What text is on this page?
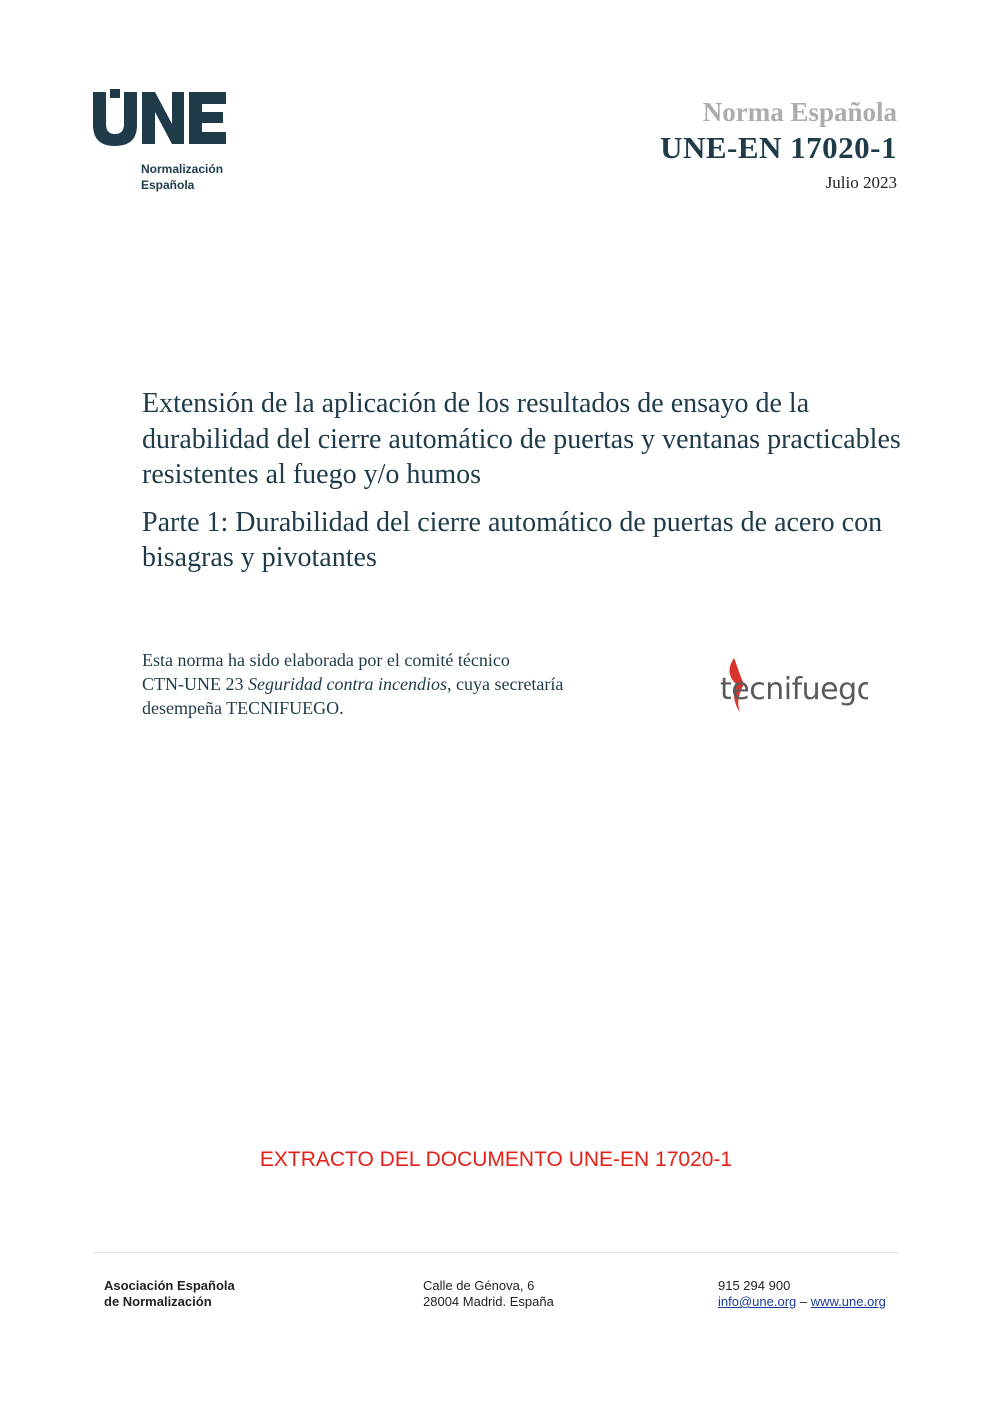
Normalización
Española
Norma Española
UNE-EN 17020-1
Julio 2023

Extensión de la aplicación de los resultados de ensayo de la durabilidad del cierre automático de puertas y ventanas practicables resistentes al fuego y/o humos

Parte 1: Durabilidad del cierre automático de puertas de acero con bisagras y pivotantes

Esta norma ha sido elaborada por el comité técnico
CTN-UNE 23 Seguridad contra incendios, cuya secretaría
desempeña TECNIFUEGO.
tecnifuego
EXTRACTO DEL DOCUMENTO UNE-EN 17020-1
Asociación Española
de Normalización
Calle de Génova, 6
28004 Madrid. España
915 294 900
info@une.org – www.une.org
